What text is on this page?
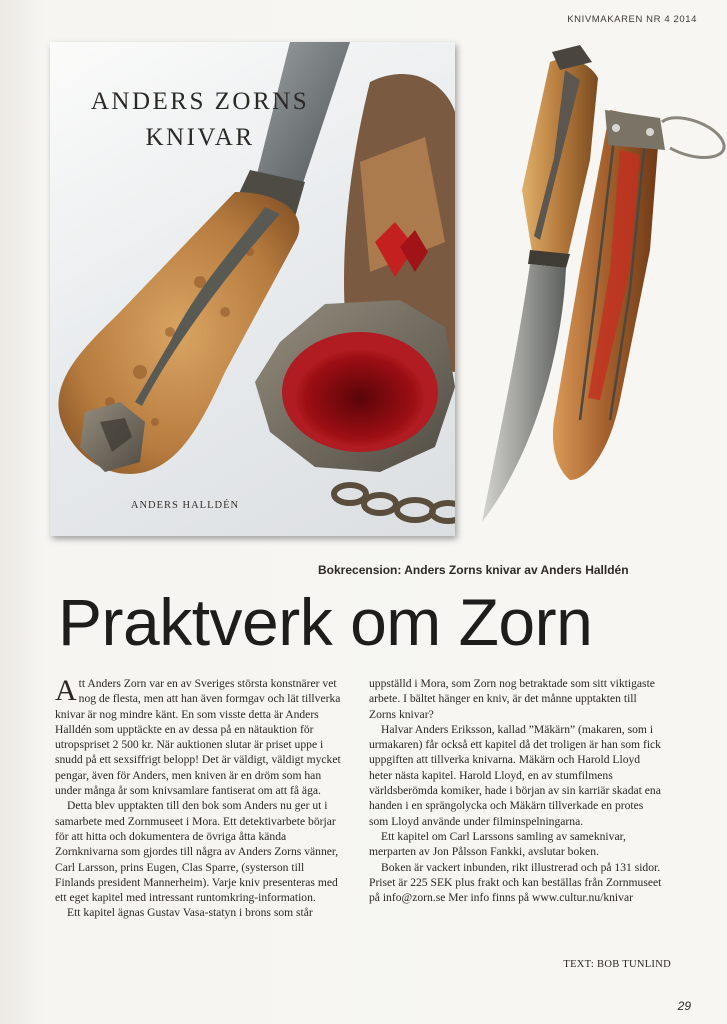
KNIVMAKAREN NR 4 2014
ANDERS ZORNS
KNIVAR
ANDERS HALLDÉN
Bokrecension: Anders Zorns knivar av Anders Halldén
Praktverk om Zorn

Att Anders Zorn var en av Sveriges största konstnärer vet nog de flesta, men att han även formgav och lät tillverka knivar är nog mindre känt. En som visste detta är Anders Halldén som upptäckte en av dessa på en nätauktion för utropspriset 2 500 kr. När auktionen slutar är priset uppe i snudd på ett sexsiffrigt belopp! Det är väldigt, väldigt mycket pengar, även för Anders, men kniven är en dröm som han under många år som knivsamlare fantiserat om att få äga.

Detta blev upptakten till den bok som Anders nu ger ut i samarbete med Zornmuseet i Mora. Ett detektivarbete börjar för att hitta och dokumentera de övriga åtta kända Zornknivarna som gjordes till några av Anders Zorns vänner, Carl Larsson, prins Eugen, Clas Sparre, (systerson till Finlands president Mannerheim). Varje kniv presenteras med ett eget kapitel med intressant runtomkring-information.

Ett kapitel ägnas Gustav Vasa-statyn i brons som står

uppställd i Mora, som Zorn nog betraktade som sitt viktigaste arbete. I bältet hänger en kniv, är det månne upptakten till Zorns knivar?

Halvar Anders Eriksson, kallad ”Mäkärn” (makaren, som i urmakaren) får också ett kapitel då det troligen är han som fick uppgiften att tillverka knivarna. Mäkärn och Harold Lloyd heter nästa kapitel. Harold Lloyd, en av stumfilmens världsberömda komiker, hade i början av sin karriär skadat ena handen i en sprängolycka och Mäkärn tillverkade en protes som Lloyd använde under filminspelningarna.

Ett kapitel om Carl Larssons samling av sameknivar, merparten av Jon Pålsson Fankki, avslutar boken.

Boken är vackert inbunden, rikt illustrerad och på 131 sidor. Priset är 225 SEK plus frakt och kan beställas från Zornmuseet på info@zorn.se Mer info finns på www.cultur.nu/knivar

TEXT: BOB TUNLIND
29
